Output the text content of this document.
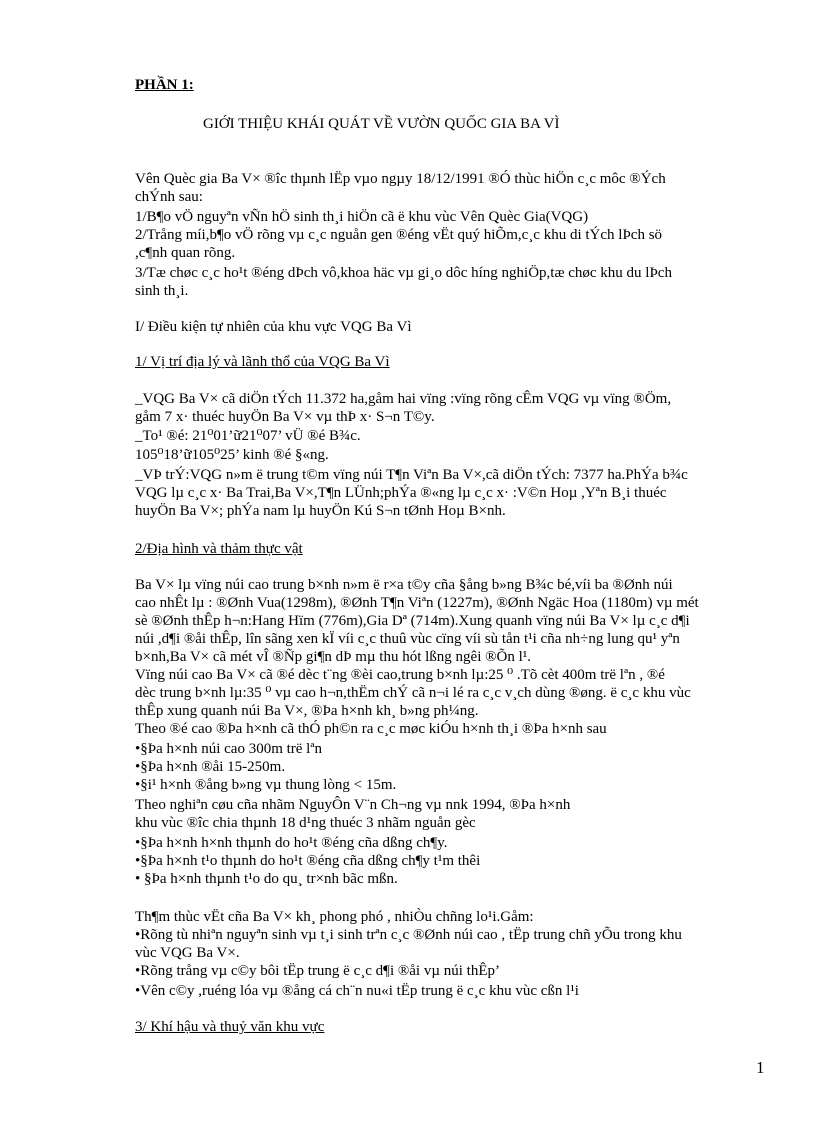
PHẦN 1:
GIỚI THIỆU KHÁI QUÁT VỀ VƯỜN QUỐC GIA BA VÌ
Vên Quèc gia Ba V× ®îc thµnh lËp vµo ngµy 18/12/1991 ®Ó thùc hiÖn c¸c môc ®Ých
chÝnh sau:
1/B¶o vÖ nguyªn vÑn hÖ sinh th¸i hiÖn cã ë khu vùc Vên Quèc Gia(VQG)
2/Trång míi,b¶o vÖ rõng vµ c¸c nguån gen ®éng vËt quý hiÕm,c¸c khu di tÝch lÞch sö
,c¶nh quan rõng.
3/Tæ chøc c¸c ho¹t ®éng dÞch vô,khoa häc vµ gi¸o dôc híng nghiÖp,tæ chøc khu du lÞch
sinh th¸i.
I/ Điều kiện tự nhiên của khu vực VQG Ba Vì
1/ Vị trí địa lý và lãnh thổ của VQG Ba Vì
_VQG Ba V× cã diÖn tÝch 11.372 ha,gåm hai vïng :vïng rõng cÊm VQG vµ vïng ®Öm,
gåm 7 x· thuéc huyÖn Ba V× vµ thÞ x· S¬n T©y.
_To¹ ®é: 21⁰01’ữ21⁰07’ vÜ ®é B¾c.
105⁰18’ữ105⁰25’ kinh ®é §«ng.
_VÞ trÝ:VQG n»m ë trung t©m vïng núi T¶n Viªn Ba V×,cã diÖn tÝch: 7377 ha.PhÝa b¾c
VQG lµ c¸c x· Ba Trai,Ba V×,T¶n LÜnh;phÝa ®«ng lµ c¸c x· :V©n Hoµ ,Yªn B¸i thuéc
huyÖn Ba V×; phÝa nam lµ huyÖn Kú S¬n tØnh Hoµ B×nh.
2/Địa hình và thảm thực vật
Ba V× lµ vïng núi cao trung b×nh n»m ë r×a t©y cña §ång b»ng B¾c bé,víi ba ®Ønh núi
cao nhÊt lµ : ®Ønh Vua(1298m), ®Ønh T¶n Viªn (1227m), ®Ønh Ngäc Hoa (1180m) vµ mét
sè ®Ønh thÊp h¬n:Hang Hïm (776m),Gia Dª (714m).Xung quanh vïng núi Ba V× lµ c¸c d¶i
núi ,d¶i ®åi thÊp, lîn sãng xen kÏ víi c¸c thuû vùc cïng víi sù tån t¹i cña nh÷ng lung qu¹ yªn
b×nh,Ba V× cã mét vÎ ®Ñp gi¶n dÞ mµ thu hót lßng ngêi ®Õn l¹.
Vïng núi cao Ba V× cã ®é dèc t¨ng ®èi cao,trung b×nh lµ:25 ⁰ .Tõ cèt 400m trë lªn , ®é
dèc trung b×nh lµ:35 ⁰ vµ cao h¬n,thËm chÝ cã n¬i lé ra c¸c v¸ch dùng ®øng. ë c¸c khu vùc
thÊp xung quanh núi Ba V×, ®Þa h×nh kh¸ b»ng ph¼ng.
Theo ®é cao ®Þa h×nh cã thÓ ph©n ra c¸c møc kiÓu h×nh th¸i ®Þa h×nh sau
•§Þa h×nh núi cao 300m trë lªn
•§Þa h×nh ®åi 15-250m.
•§i¹ h×nh ®ång b»ng vµ thung lòng < 15m.
Theo nghiªn cøu cña nhãm NguyÔn V¨n Ch¬ng vµ nnk 1994, ®Þa h×nh
khu vùc ®îc chia thµnh 18 d¹ng thuéc 3 nhãm nguån gèc
•§Þa h×nh h×nh thµnh do ho¹t ®éng cña dßng ch¶y.
•§Þa h×nh t¹o thµnh do ho¹t ®éng cña dßng ch¶y t¹m thêi
• §Þa h×nh thµnh t¹o do qu¸ tr×nh bãc mßn.
Th¶m thùc vËt cña Ba V× kh¸ phong phó , nhiÒu chñng lo¹i.Gåm:
•Rõng tù nhiªn nguyªn sinh vµ t¸i sinh trªn c¸c ®Ønh núi cao , tËp trung chñ yÕu trong khu
vùc VQG Ba V×.
•Rõng trång vµ c©y bôi tËp trung ë c¸c d¶i ®åi vµ núi thÊp’
•Vên c©y ,ruéng lóa vµ ®ång cá ch¨n nu«i tËp trung ë c¸c khu vùc cßn l¹i
3/ Khí hậu và thuỷ văn khu vực
1
